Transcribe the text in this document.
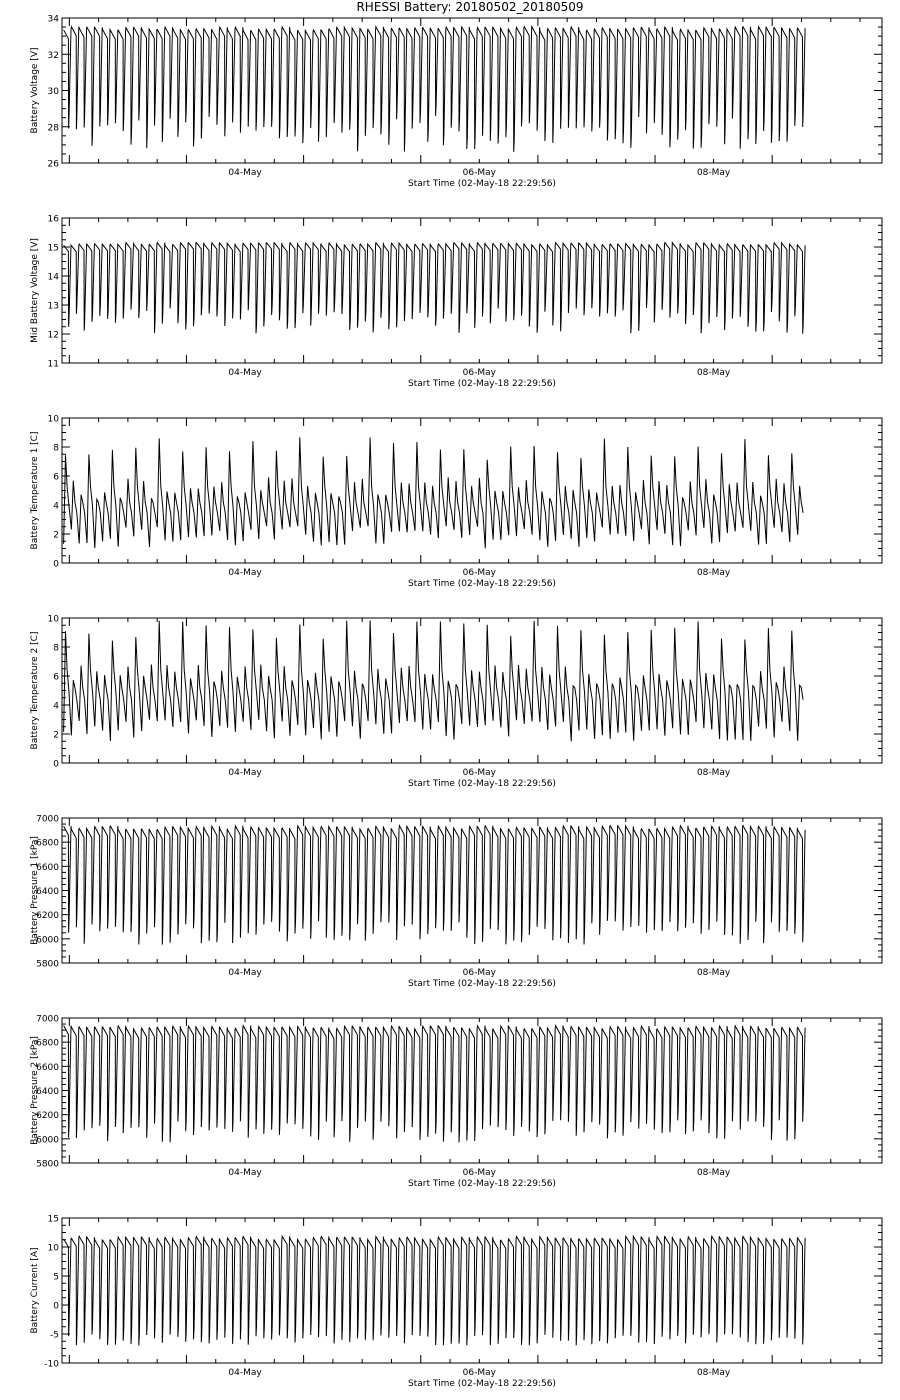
RHESSI Battery: 20180502_20180509
26
28
30
32
34
04-May	06-May	08-May
Start Time (02-May-18 22:29:56)
Battery Voltage [V]
11
12
13
14
15
16
04-May	06-May	08-May
Start Time (02-May-18 22:29:56)
Mid Battery Voltage [V]
0
2
4
6
8
10
04-May	06-May	08-May
Start Time (02-May-18 22:29:56)
Battery Temperature 1 [C]
0
2
4
6
8
10
04-May	06-May	08-May
Start Time (02-May-18 22:29:56)
Battery Temperature 2 [C]
5800
6000
6200
6400
6600
6800
7000
04-May	06-May	08-May
Start Time (02-May-18 22:29:56)
Battery Pressure 1 [kPa]
5800
6000
6200
6400
6600
6800
7000
04-May	06-May	08-May
Start Time (02-May-18 22:29:56)
Battery Pressure 2 [kPa]
-10
-5
0
5
10
15
04-May	06-May	08-May
Start Time (02-May-18 22:29:56)
Battery Current [A]
